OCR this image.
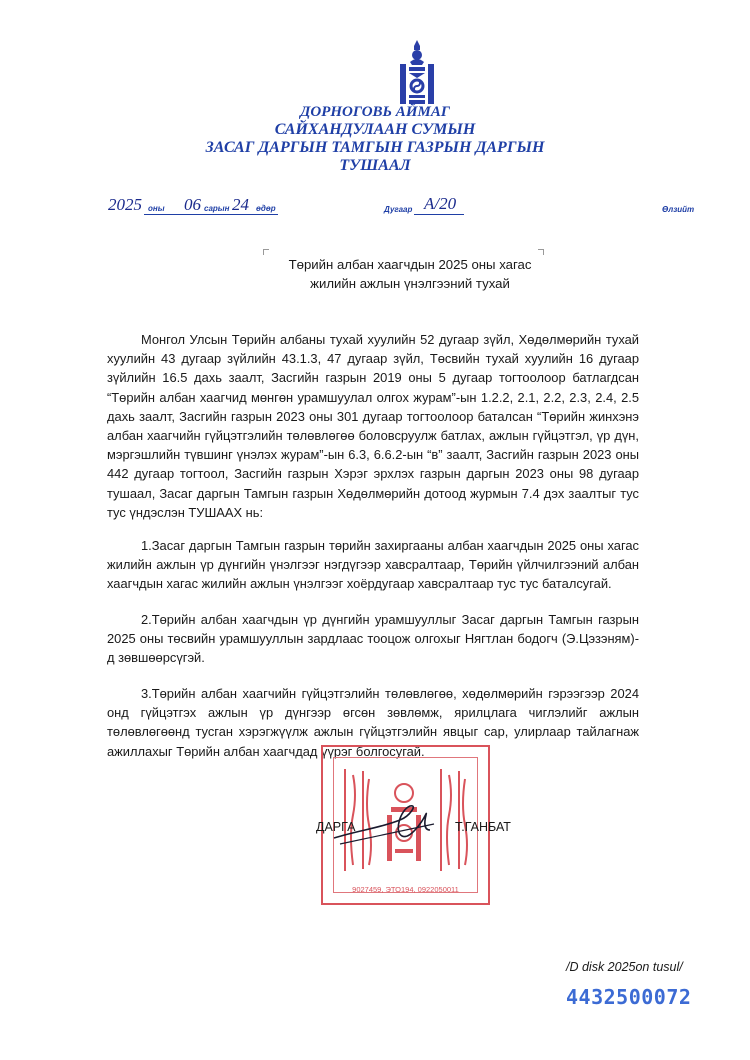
ДОРНОГОВЬ АЙМАГ
САЙХАНДУЛААН СУМЫН
ЗАСАГ ДАРГЫН ТАМГЫН ГАЗРЫН ДАРГЫН
ТУШААЛ
2025 оны 06 сарын 24 өдөр	Дугаар А/20	Өлзийт
Төрийн албан хаагчдын 2025 оны хагас
жилийн ажлын үнэлгээний тухай
Монгол Улсын Төрийн албаны тухай хуулийн 52 дугаар зүйл, Хөдөлмөрийн тухай хуулийн 43 дугаар зүйлийн 43.1.3, 47 дугаар зүйл, Төсвийн тухай хуулийн 16 дугаар зүйлийн 16.5 дахь заалт, Засгийн газрын 2019 оны 5 дугаар тогтоолоор батлагдсан “Төрийн албан хаагчид мөнгөн урамшуулал олгох журам”-ын 1.2.2, 2.1, 2.2, 2.3, 2.4, 2.5 дахь заалт, Засгийн газрын 2023 оны 301 дугаар тогтоолоор баталсан “Төрийн жинхэнэ албан хаагчийн гүйцэтгэлийн төлөвлөгөө боловсруулж батлах, ажлын гүйцэтгэл, үр дүн, мэргэшлийн түвшинг үнэлэх журам”-ын 6.3, 6.6.2-ын “в” заалт, Засгийн газрын 2023 оны 442 дугаар тогтоол, Засгийн газрын Хэрэг эрхлэх газрын даргын 2023 оны 98 дугаар тушаал, Засаг даргын Тамгын газрын Хөдөлмөрийн дотоод журмын 7.4 дэх заалтыг тус тус үндэслэн ТУШААХ нь:
1.Засаг даргын Тамгын газрын төрийн захиргааны албан хаагчдын 2025 оны хагас жилийн ажлын үр дүнгийн үнэлгээг нэгдүгээр хавсралтаар, Төрийн үйлчилгээний албан хаагчдын хагас жилийн ажлын үнэлгээг хоёрдугаар хавсралтаар тус тус баталсугай.
2.Төрийн албан хаагчдын үр дүнгийн урамшууллыг Засаг даргын Тамгын газрын 2025 оны төсвийн урамшууллын зардлаас тооцож олгохыг Нягтлан бодогч (Э.Цэзэням)-д зөвшөөрсүгэй.
3.Төрийн албан хаагчийн гүйцэтгэлийн төлөвлөгөө, хөдөлмөрийн гэрээгээр 2024 онд гүйцэтгэх ажлын үр дүнгээр өгсөн зөвлөмж, ярилцлага чиглэлийг ажлын төлөвлөгөөнд тусган хэрэгжүүлж ажлын гүйцэтгэлийн явцыг сар, улирлаар тайлагнаж ажиллахыг Төрийн албан хаагчдад үүрэг болгосугай.
9027459, ЭТО194, 0922050011
ДАРГА	Т.ГАНБАТ
/D disk 2025on tusul/
4432500072
